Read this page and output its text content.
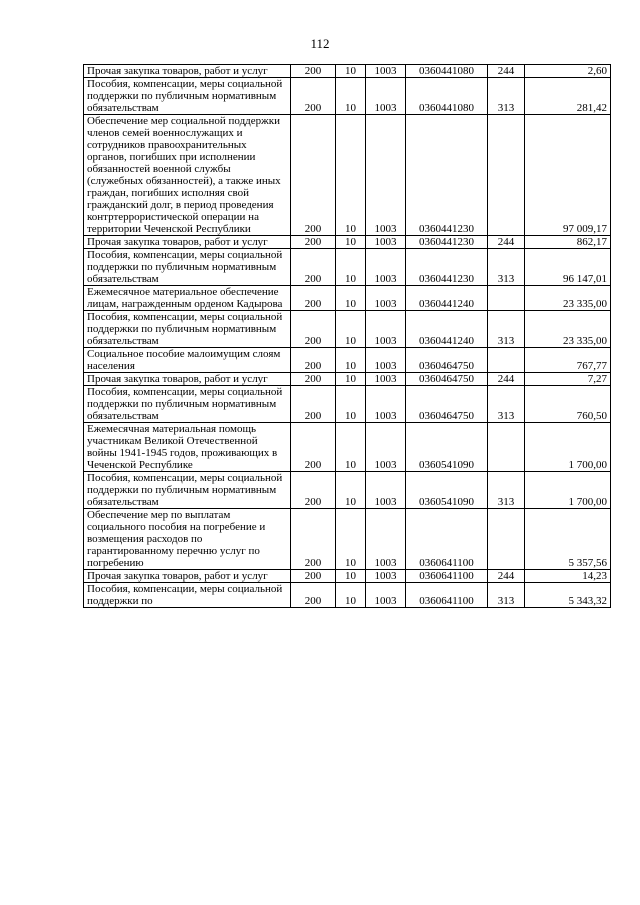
112
Прочая закупка товаров, работ и услуг	200	10	1003	0360441080	244	2,60
Пособия, компенсации, меры социальной поддержки по публичным нормативным обязательствам	200	10	1003	0360441080	313	281,42
Обеспечение мер социальной поддержки членов семей военнослужащих и сотрудников правоохранительных органов, погибших при исполнении обязанностей военной службы (служебных обязанностей), а также иных граждан, погибших исполняя свой гражданский долг, в период проведения контртеррористической операции на территории Чеченской Республики	200	10	1003	0360441230		97 009,17
Прочая закупка товаров, работ и услуг	200	10	1003	0360441230	244	862,17
Пособия, компенсации, меры социальной поддержки по публичным нормативным обязательствам	200	10	1003	0360441230	313	96 147,01
Ежемесячное материальное обеспечение лицам, награжденным орденом Кадырова	200	10	1003	0360441240		23 335,00
Пособия, компенсации, меры социальной поддержки по публичным нормативным обязательствам	200	10	1003	0360441240	313	23 335,00
Социальное пособие малоимущим слоям населения	200	10	1003	0360464750		767,77
Прочая закупка товаров, работ и услуг	200	10	1003	0360464750	244	7,27
Пособия, компенсации, меры социальной поддержки по публичным нормативным обязательствам	200	10	1003	0360464750	313	760,50
Ежемесячная материальная помощь участникам Великой Отечественной войны 1941-1945 годов, проживающих в Чеченской Республике	200	10	1003	0360541090		1 700,00
Пособия, компенсации, меры социальной поддержки по публичным нормативным обязательствам	200	10	1003	0360541090	313	1 700,00
Обеспечение мер по выплатам социального пособия на погребение и возмещения расходов по гарантированному перечню услуг по погребению	200	10	1003	0360641100		5 357,56
Прочая закупка товаров, работ и услуг	200	10	1003	0360641100	244	14,23
Пособия, компенсации, меры социальной поддержки по	200	10	1003	0360641100	313	5 343,32
